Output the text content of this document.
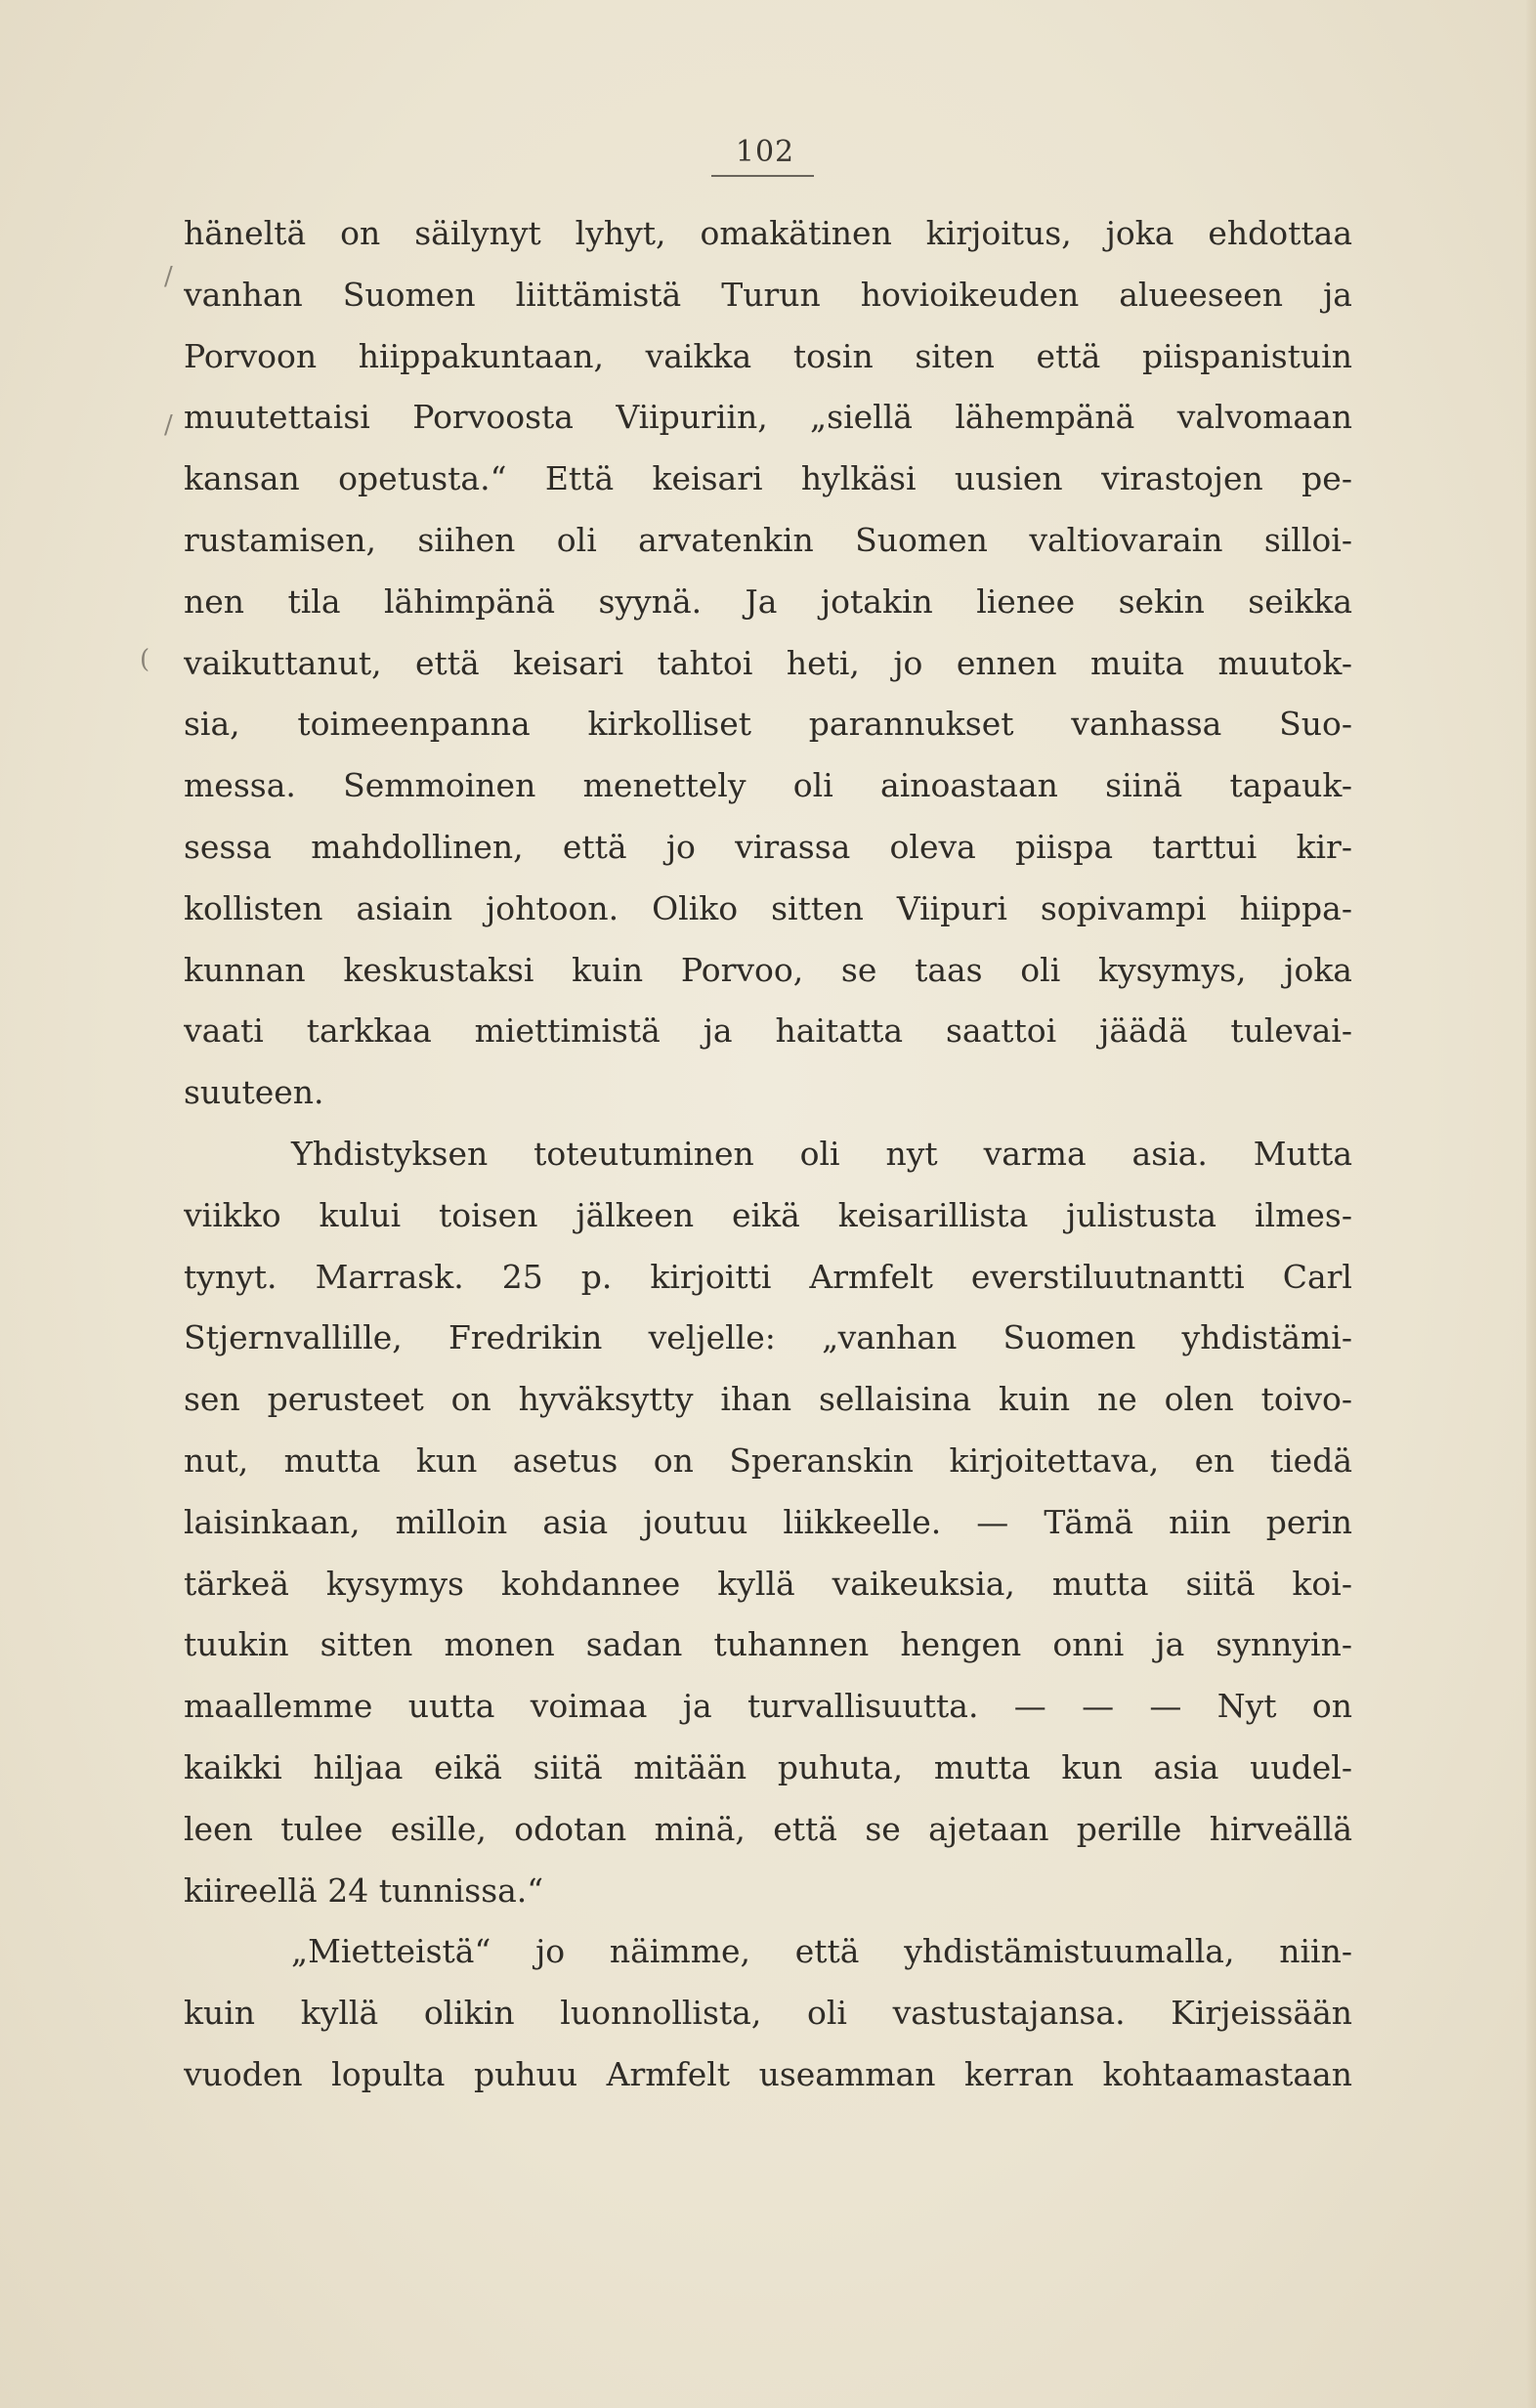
102
/
/
(
häneltä on säilynyt lyhyt, omakätinen kirjoitus, joka ehdottaa
vanhan Suomen liittämistä Turun hovioikeuden alueeseen ja
Porvoon hiippakuntaan, vaikka tosin siten että piispanistuin
muutettaisi Porvoosta Viipuriin, „siellä lähempänä valvomaan
kansan opetusta.“ Että keisari hylkäsi uusien virastojen pe-
rustamisen, siihen oli arvatenkin Suomen valtiovarain silloi-
nen tila lähimpänä syynä. Ja jotakin lienee sekin seikka
vaikuttanut, että keisari tahtoi heti, jo ennen muita muutok-
sia, toimeenpanna kirkolliset parannukset vanhassa Suo-
messa. Semmoinen menettely oli ainoastaan siinä tapauk-
sessa mahdollinen, että jo virassa oleva piispa tarttui kir-
kollisten asiain johtoon. Oliko sitten Viipuri sopivampi hiippa-
kunnan keskustaksi kuin Porvoo, se taas oli kysymys, joka
vaati tarkkaa miettimistä ja haitatta saattoi jäädä tulevai-
suuteen.
Yhdistyksen toteutuminen oli nyt varma asia. Mutta
viikko kului toisen jälkeen eikä keisarillista julistusta ilmes-
tynyt. Marrask. 25 p. kirjoitti Armfelt everstiluutnantti Carl
Stjernvallille, Fredrikin veljelle: „vanhan Suomen yhdistämi-
sen perusteet on hyväksytty ihan sellaisina kuin ne olen toivo-
nut, mutta kun asetus on Speranskin kirjoitettava, en tiedä
laisinkaan, milloin asia joutuu liikkeelle. — Tämä niin perin
tärkeä kysymys kohdannee kyllä vaikeuksia, mutta siitä koi-
tuukin sitten monen sadan tuhannen hengen onni ja synnyin-
maallemme uutta voimaa ja turvallisuutta. — — — Nyt on
kaikki hiljaa eikä siitä mitään puhuta, mutta kun asia uudel-
leen tulee esille, odotan minä, että se ajetaan perille hirveällä
kiireellä 24 tunnissa.“
„Mietteistä“ jo näimme, että yhdistämistuumalla, niin-
kuin kyllä olikin luonnollista, oli vastustajansa. Kirjeissään
vuoden lopulta puhuu Armfelt useamman kerran kohtaamastaan
